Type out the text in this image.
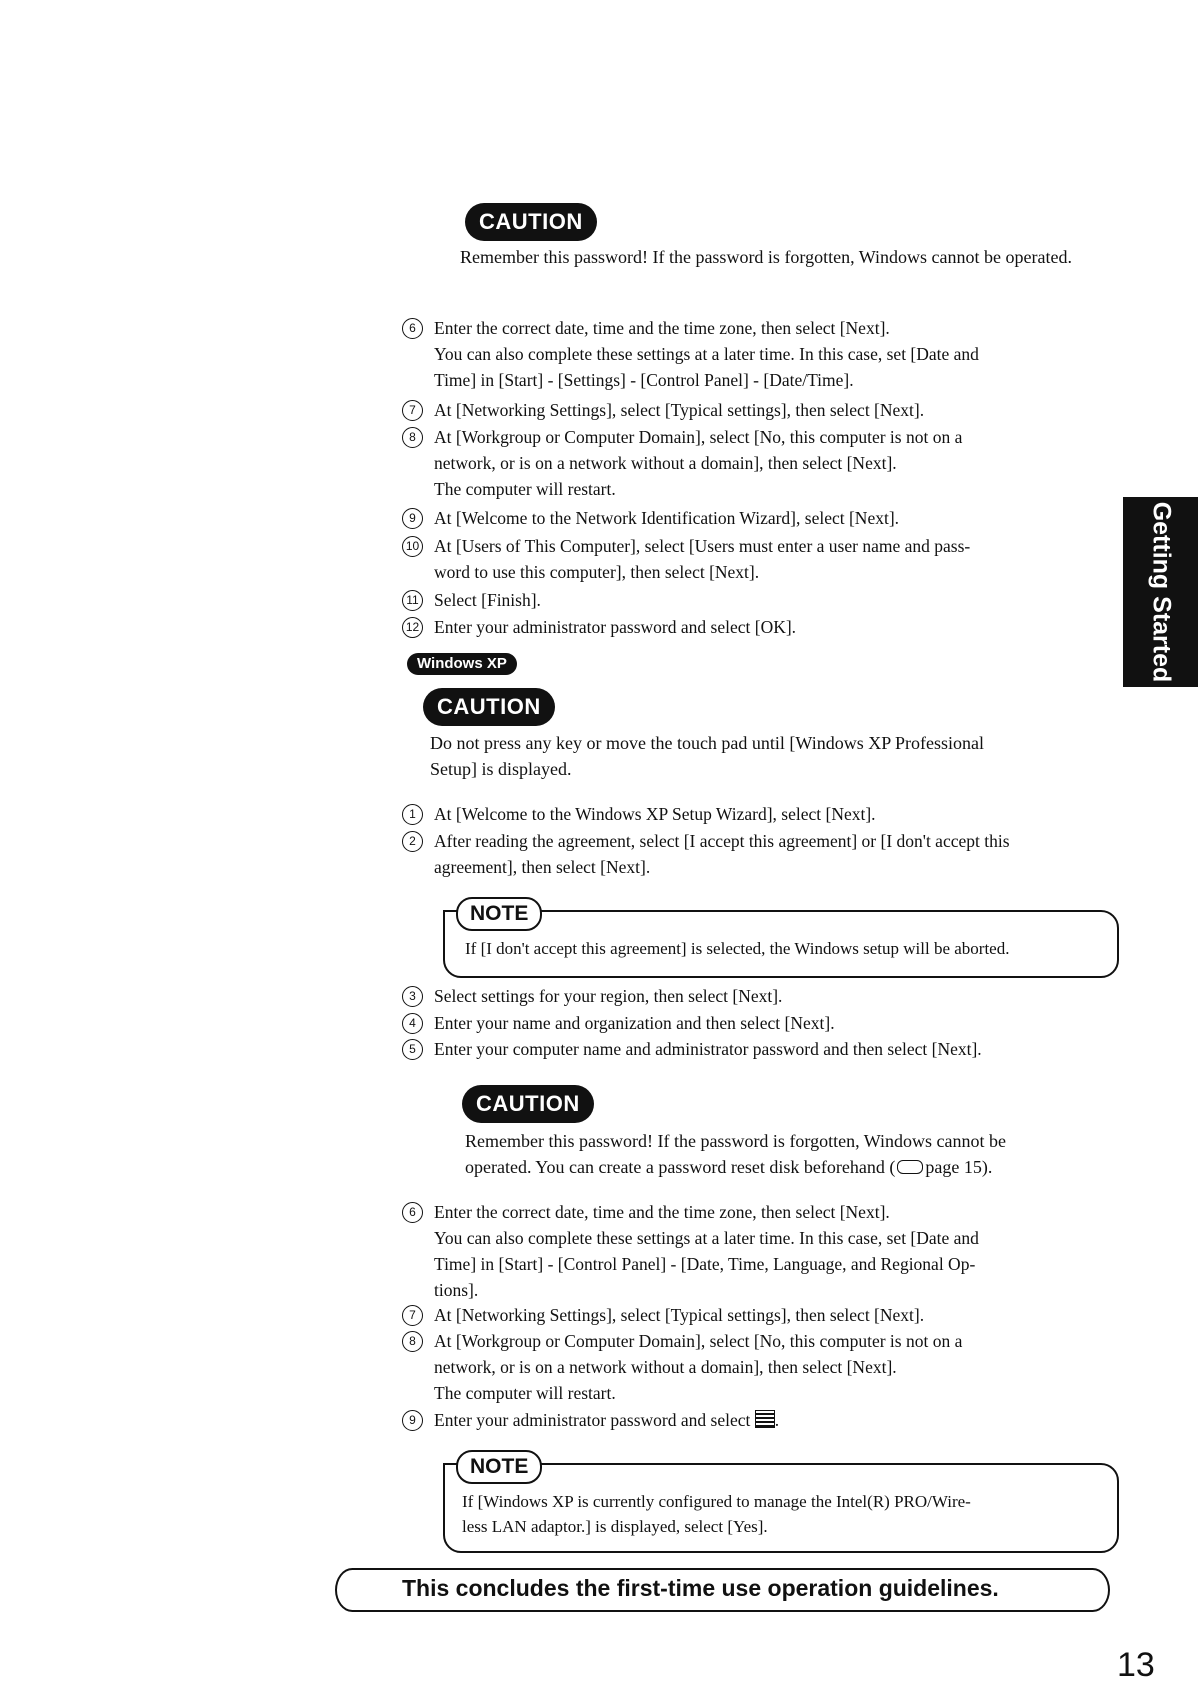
CAUTION
Remember this password! If the password is forgotten, Windows cannot be operated.
6	Enter the correct date, time and the time zone, then select [Next].
You can also complete these settings at a later time. In this case, set [Date and
Time] in [Start] - [Settings] - [Control Panel] - [Date/Time].
7	At [Networking Settings], select [Typical settings], then select [Next].
8	At [Workgroup or Computer Domain], select [No, this computer is not on a
network, or is on a network without a domain], then select [Next].
The computer will restart.
9	At [Welcome to the Network Identification Wizard], select [Next].
10 At [Users of This Computer], select [Users must enter a user name and pass-
word to use this computer], then select [Next].
11 Select [Finish].
12 Enter your administrator password and select [OK].	Getting Started
Windows XP
CAUTION
Do not press any key or move the touch pad until [Windows XP Professional
Setup] is displayed.
1	At [Welcome to the Windows XP Setup Wizard], select [Next].
2	After reading the agreement, select [I accept this agreement] or [I don't accept this
agreement], then select [Next].
NOTE
If [I don't accept this agreement] is selected, the Windows setup will be aborted.
3	Select settings for your region, then select [Next].
4	Enter your name and organization and then select [Next].
5	Enter your computer name and administrator password and then select [Next].
CAUTION
Remember this password! If the password is forgotten, Windows cannot be
operated. You can create a password reset disk beforehand ( page 15).
6	Enter the correct date, time and the time zone, then select [Next].
You can also complete these settings at a later time. In this case, set [Date and
Time] in [Start] - [Control Panel] - [Date, Time, Language, and Regional Op-
tions].
7	At [Networking Settings], select [Typical settings], then select [Next].
8	At [Workgroup or Computer Domain], select [No, this computer is not on a
network, or is on a network without a domain], then select [Next].
The computer will restart.
9	Enter your administrator password and select .
NOTE
If [Windows XP is currently configured to manage the Intel(R) PRO/Wire-
less LAN adaptor.] is displayed, select [Yes].
This concludes the first-time use operation guidelines.
13
